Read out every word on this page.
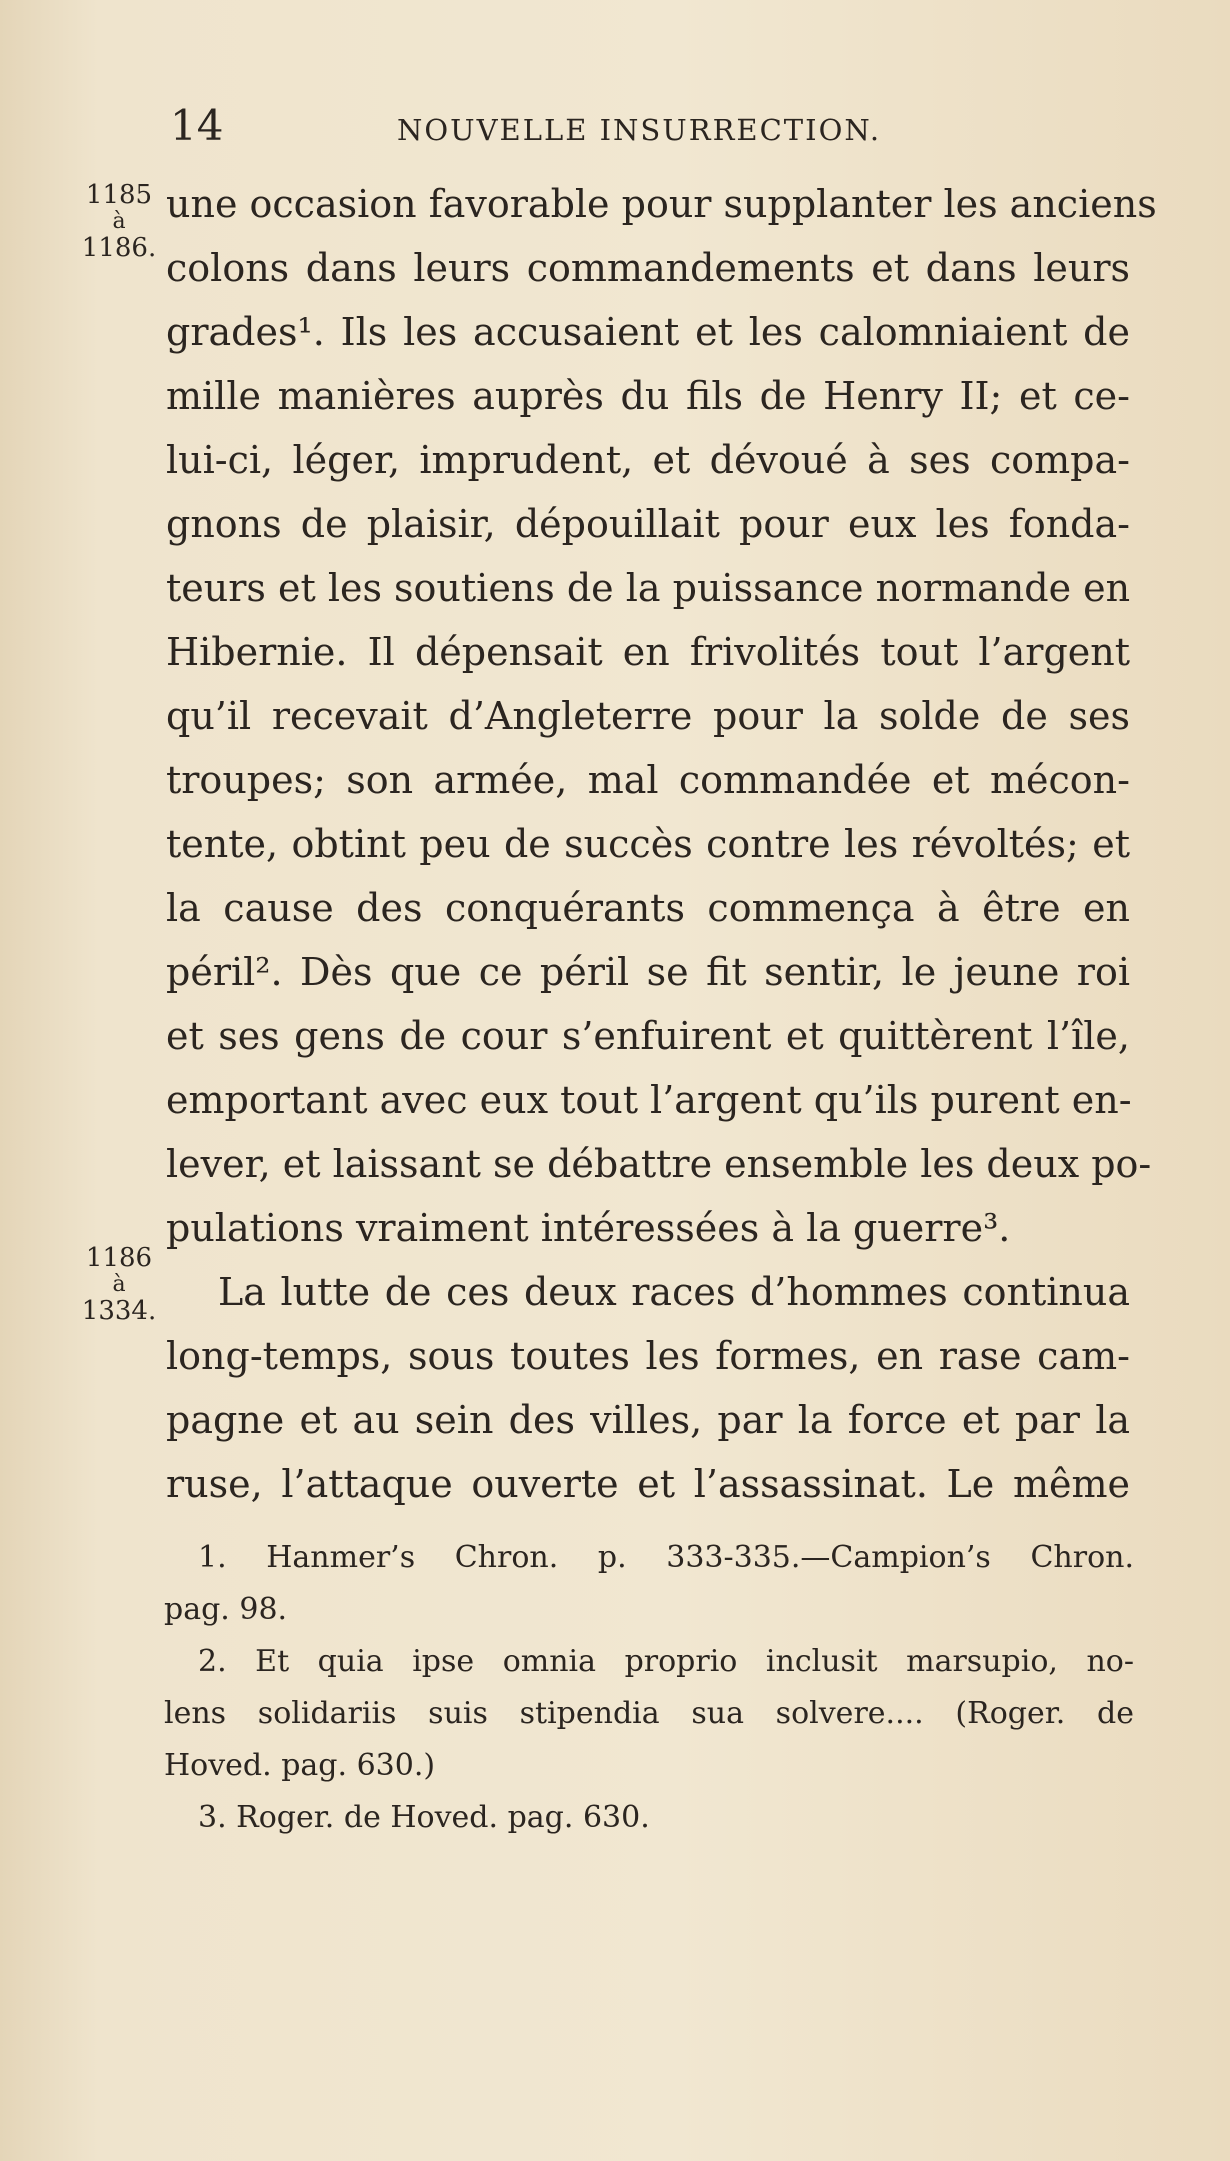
14	NOUVELLE INSURRECTION.
1185
à
1186.
1186
à
1334.
une occasion favorable pour supplanter les anciens
colons dans leurs commandements et dans leurs
grades¹. Ils les accusaient et les calomniaient de
mille manières auprès du fils de Henry II; et ce-
lui-ci, léger, imprudent, et dévoué à ses compa-
gnons de plaisir, dépouillait pour eux les fonda-
teurs et les soutiens de la puissance normande en
Hibernie. Il dépensait en frivolités tout l’argent
qu’il recevait d’Angleterre pour la solde de ses
troupes; son armée, mal commandée et mécon-
tente, obtint peu de succès contre les révoltés; et
la cause des conquérants commença à être en
péril². Dès que ce péril se fit sentir, le jeune roi
et ses gens de cour s’enfuirent et quittèrent l’île,
emportant avec eux tout l’argent qu’ils purent en-
lever, et laissant se débattre ensemble les deux po-
pulations vraiment intéressées à la guerre³.
La lutte de ces deux races d’hommes continua
long-temps, sous toutes les formes, en rase cam-
pagne et au sein des villes, par la force et par la
ruse, l’attaque ouverte et l’assassinat. Le même
1. Hanmer’s Chron. p. 333-335.—Campion’s Chron.
pag. 98.
2. Et quia ipse omnia proprio inclusit marsupio, no-
lens solidariis suis stipendia sua solvere.... (Roger. de
Hoved. pag. 630.)
3. Roger. de Hoved. pag. 630.
